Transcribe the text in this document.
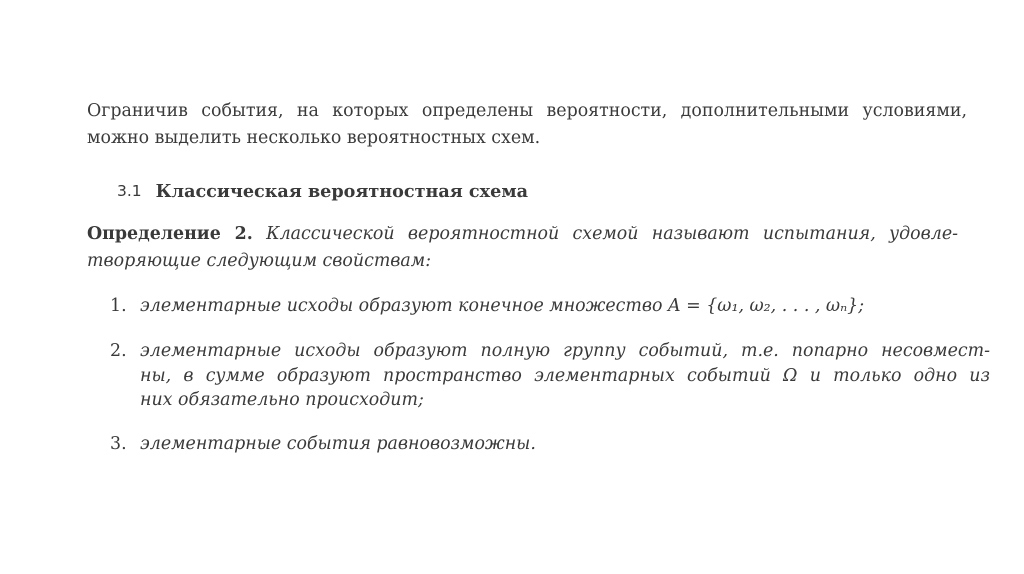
Ограничив события, на которых определены вероятности, дополнительными условиями,
можно выделить несколько вероятностных схем.
3.1 Классическая вероятностная схема
Определение 2. Классической вероятностной схемой называют испытания, удовле-
творяющие следующим свойствам:
1. элементарные исходы образуют конечное множество A = {ω₁, ω₂, . . . , ωₙ};
2. элементарные исходы образуют полную группу событий, т.е. попарно несовмест-
ны, в сумме образуют пространство элементарных событий Ω и только одно из
них обязательно происходит;
3. элементарные события равновозможны.
